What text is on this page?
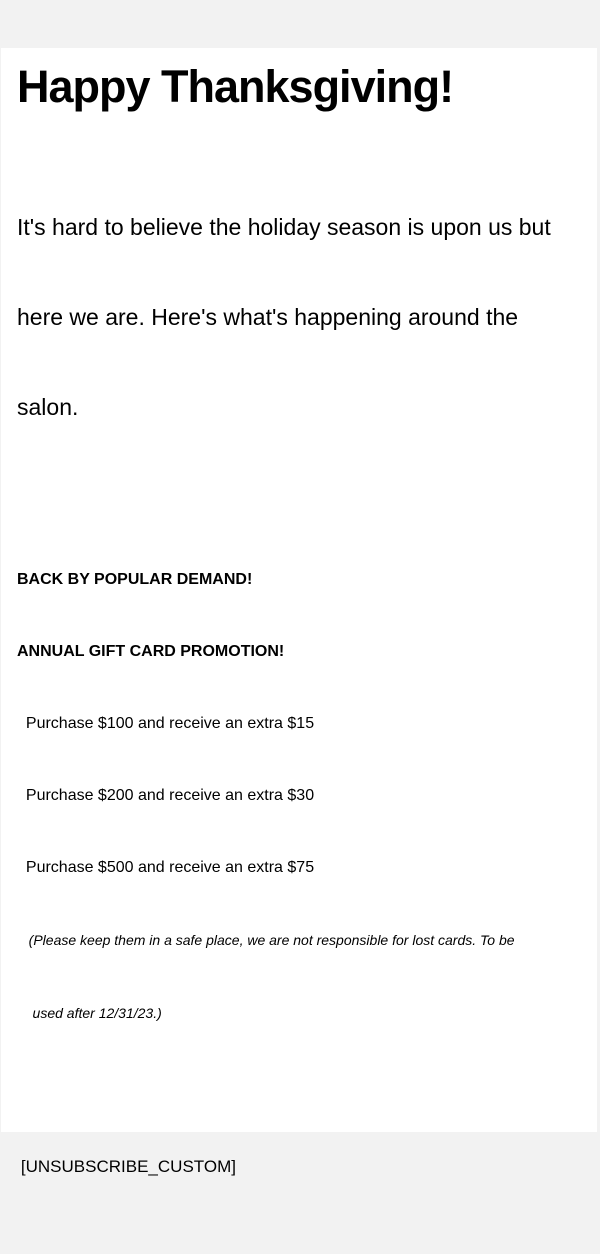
Happy Thanksgiving!

It's hard to believe the holiday season is upon us but

here we are. Here's what's happening around the

salon.

BACK BY POPULAR DEMAND!

ANNUAL GIFT CARD PROMOTION!

Purchase $100 and receive an extra $15

Purchase $200 and receive an extra $30

Purchase $500 and receive an extra $75

(Please keep them in a safe place, we are not responsible for lost cards. To be

used after 12/31/23.)

[UNSUBSCRIBE_CUSTOM]
